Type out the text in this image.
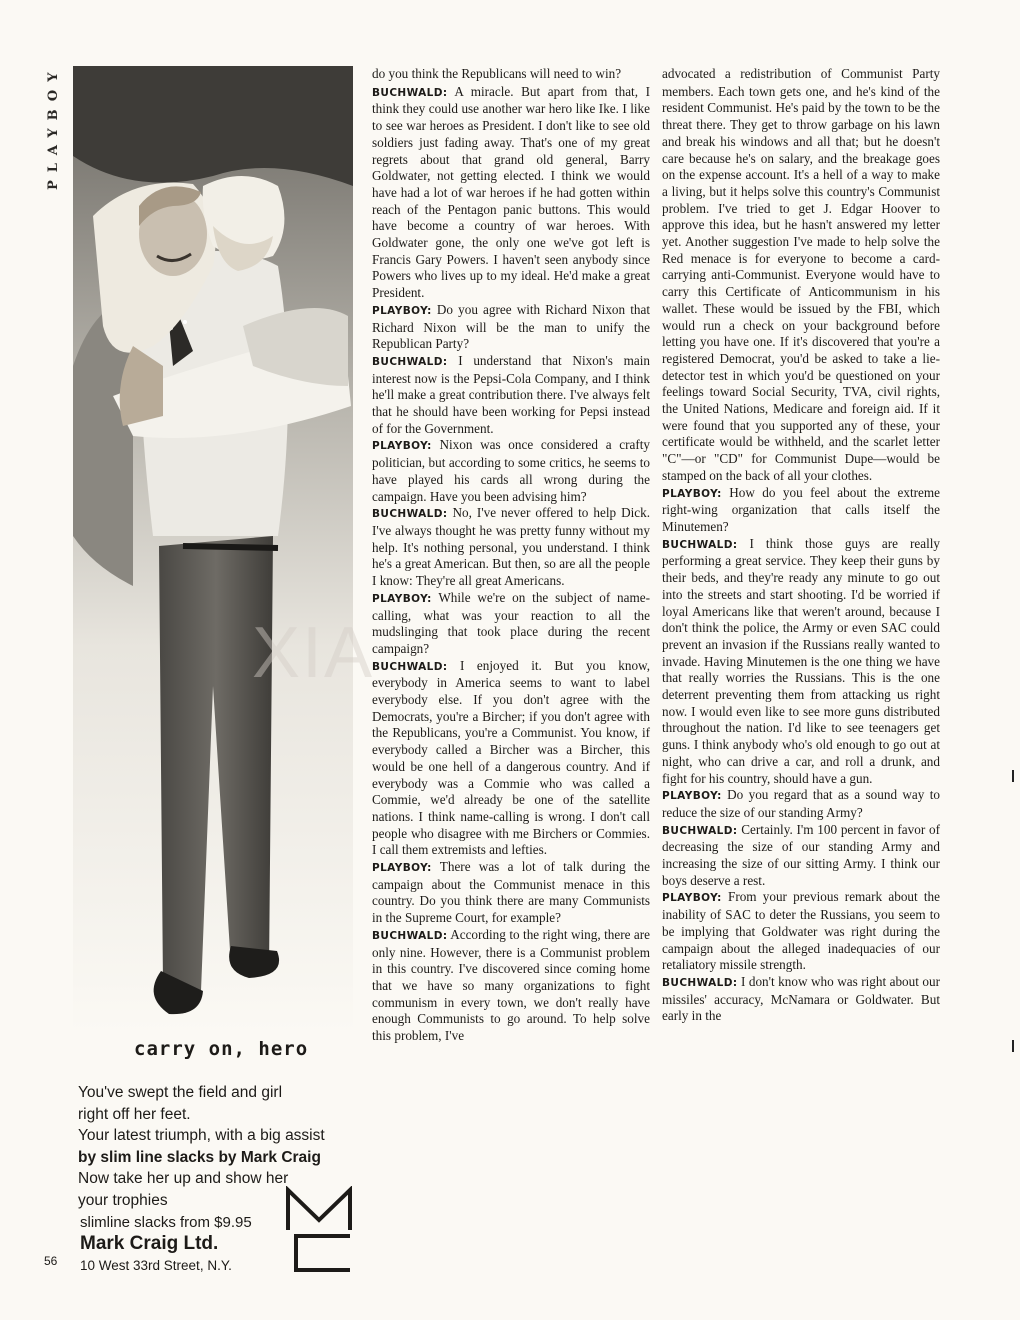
PLAYBOY
carry on, hero

You've swept the field and girl

right off her feet.

Your latest triumph, with a big assist

by slim line slacks by Mark Craig

Now take her up and show her

your trophies

slimline slacks from $9.95
Mark Craig Ltd.
10 West 33rd Street, N.Y.
56

do you think the Republicans will need to win?

BUCHWALD: A miracle. But apart from that, I think they could use another war hero like Ike. I like to see war heroes as President. I don't like to see old soldiers just fading away. That's one of my great regrets about that grand old general, Barry Goldwater, not getting elected. I think we would have had a lot of war heroes if he had gotten within reach of the Pentagon panic buttons. This would have become a country of war heroes. With Goldwater gone, the only one we've got left is Francis Gary Powers. I haven't seen anybody since Powers who lives up to my ideal. He'd make a great President.

PLAYBOY: Do you agree with Richard Nixon that Richard Nixon will be the man to unify the Republican Party?

BUCHWALD: I understand that Nixon's main interest now is the Pepsi-Cola Company, and I think he'll make a great contribution there. I've always felt that he should have been working for Pepsi instead of for the Government.

PLAYBOY: Nixon was once considered a crafty politician, but according to some critics, he seems to have played his cards all wrong during the campaign. Have you been advising him?

BUCHWALD: No, I've never offered to help Dick. I've always thought he was pretty funny without my help. It's nothing personal, you understand. I think he's a great American. But then, so are all the people I know: They're all great Americans.

PLAYBOY: While we're on the subject of name-calling, what was your reaction to all the mudslinging that took place during the recent campaign?

BUCHWALD: I enjoyed it. But you know, everybody in America seems to want to label everybody else. If you don't agree with the Democrats, you're a Bircher; if you don't agree with the Republicans, you're a Communist. You know, if everybody called a Bircher was a Bircher, this would be one hell of a dangerous country. And if everybody was a Commie who was called a Commie, we'd already be one of the satellite nations. I think name-calling is wrong. I don't call people who disagree with me Birchers or Commies. I call them extremists and lefties.

PLAYBOY: There was a lot of talk during the campaign about the Communist menace in this country. Do you think there are many Communists in the Supreme Court, for example?

BUCHWALD: According to the right wing, there are only nine. However, there is a Communist problem in this country. I've discovered since coming home that we have so many organizations to fight communism in every town, we don't really have enough Communists to go around. To help solve this problem, I've

advocated a redistribution of Communist Party members. Each town gets one, and he's kind of the resident Communist. He's paid by the town to be the threat there. They get to throw garbage on his lawn and break his windows and all that; but he doesn't care because he's on salary, and the breakage goes on the expense account. It's a hell of a way to make a living, but it helps solve this country's Communist problem. I've tried to get J. Edgar Hoover to approve this idea, but he hasn't answered my letter yet. Another suggestion I've made to help solve the Red menace is for everyone to become a card-carrying anti-Communist. Everyone would have to carry this Certificate of Anticommunism in his wallet. These would be issued by the FBI, which would run a check on your background before letting you have one. If it's discovered that you're a registered Democrat, you'd be asked to take a lie-detector test in which you'd be questioned on your feelings toward Social Security, TVA, civil rights, the United Nations, Medicare and foreign aid. If it were found that you supported any of these, your certificate would be withheld, and the scarlet letter "C"—or "CD" for Communist Dupe—would be stamped on the back of all your clothes.

PLAYBOY: How do you feel about the extreme right-wing organization that calls itself the Minutemen?

BUCHWALD: I think those guys are really performing a great service. They keep their guns by their beds, and they're ready any minute to go out into the streets and start shooting. I'd be worried if loyal Americans like that weren't around, because I don't think the police, the Army or even SAC could prevent an invasion if the Russians really wanted to invade. Having Minutemen is the one thing we have that really worries the Russians. This is the one deterrent preventing them from attacking us right now. I would even like to see more guns distributed throughout the nation. I'd like to see teenagers get guns. I think anybody who's old enough to go out at night, who can drive a car, and roll a drunk, and fight for his country, should have a gun.

PLAYBOY: Do you regard that as a sound way to reduce the size of our standing Army?

BUCHWALD: Certainly. I'm 100 percent in favor of decreasing the size of our standing Army and increasing the size of our sitting Army. I think our boys deserve a rest.

PLAYBOY: From your previous remark about the inability of SAC to deter the Russians, you seem to be implying that Goldwater was right during the campaign about the alleged inadequacies of our retaliatory missile strength.

BUCHWALD: I don't know who was right about our missiles' accuracy, McNamara or Goldwater. But early in the

XIA
